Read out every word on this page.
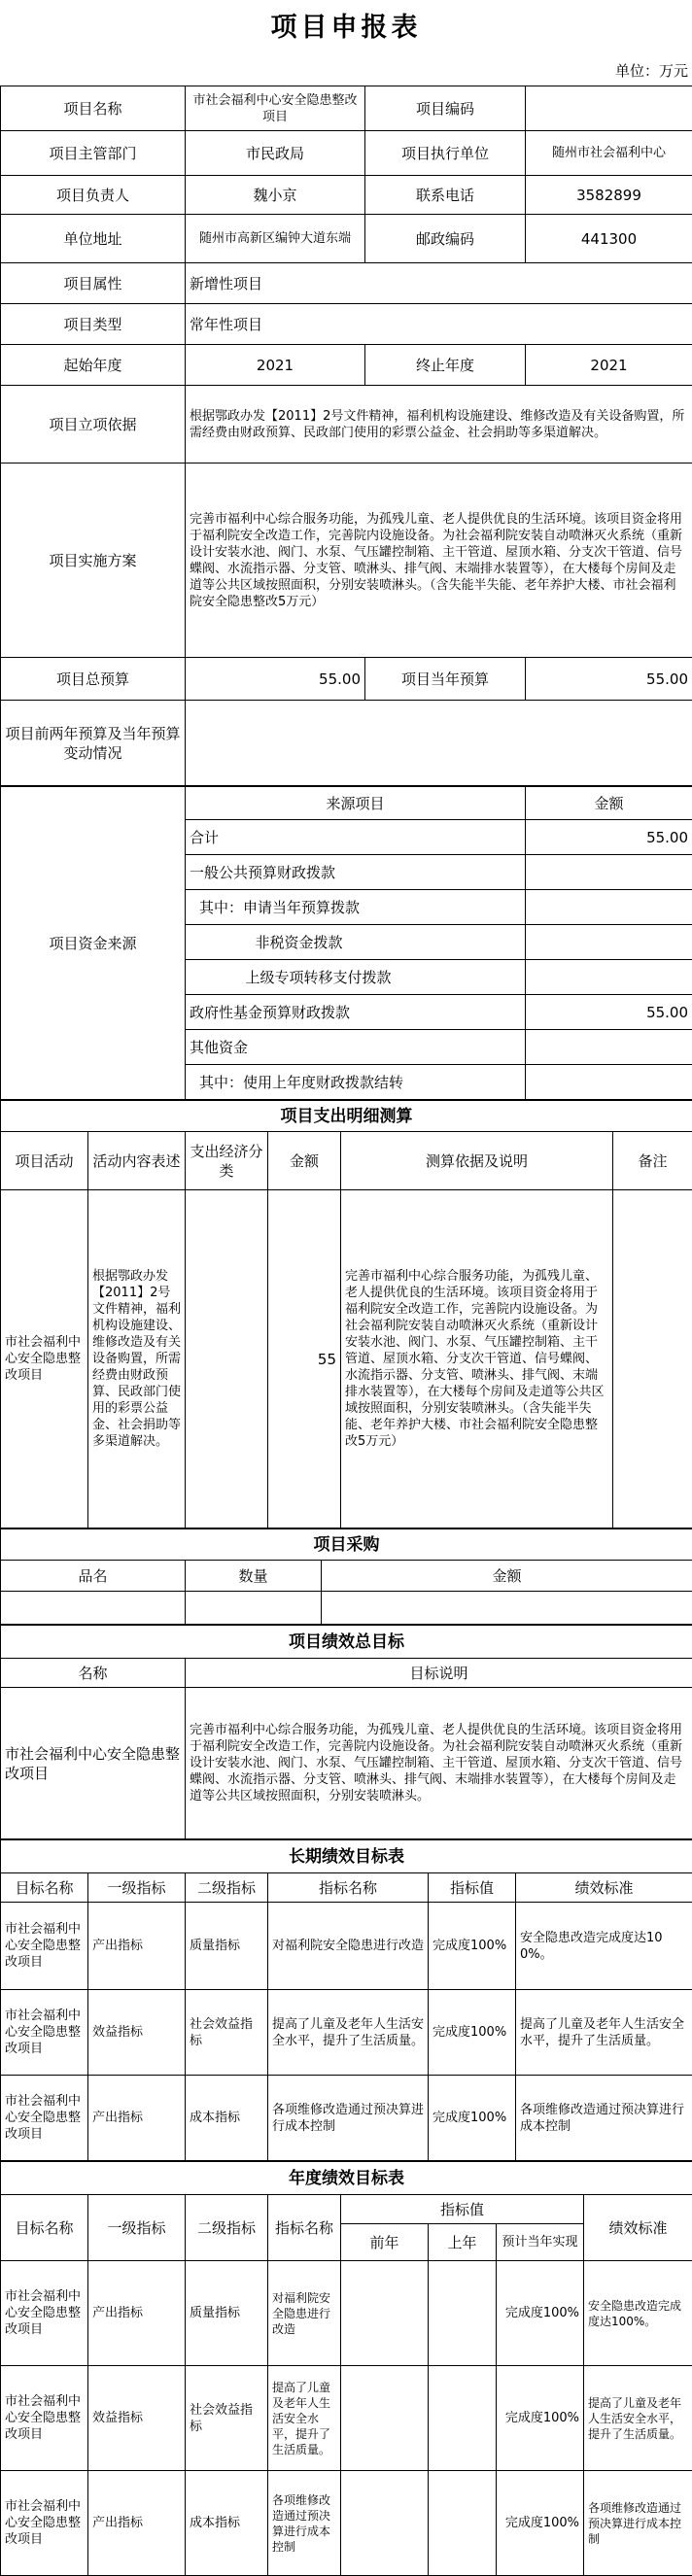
项目申报表
单位：万元
项目名称	市社会福利中心安全隐患整改项目	项目编码	
项目主管部门	市民政局	项目执行单位	随州市社会福利中心
项目负责人	魏小京	联系电话	3582899
单位地址	随州市高新区编钟大道东端	邮政编码	441300
项目属性	新增性项目		
项目类型	常年性项目		
起始年度	2021	终止年度	2021
项目立项依据	根据鄂政办发【2011】2号文件精神，福利机构设施建设、维修改造及有关设备购置，所需经费由财政预算、民政部门使用的彩票公益金、社会捐助等多渠道解决。		
项目实施方案	完善市福利中心综合服务功能，为孤残儿童、老人提供优良的生活环境。该项目资金将用于福利院安全改造工作，完善院内设施设备。为社会福利院安装自动喷淋灭火系统（重新设计安装水池、阀门、水泵、气压罐控制箱、主干管道、屋顶水箱、分支次干管道、信号蝶阀、水流指示器、分支管、喷淋头、排气阀、末端排水装置等），在大楼每个房间及走道等公共区域按照面积，分别安装喷淋头。（含失能半失能、老年养护大楼、市社会福利院安全隐患整改5万元）		
项目总预算	55.00	项目当年预算	55.00
项目前两年预算及当年预算变动情况			
项目资金来源	来源项目		金额
	合计		55.00
	一般公共预算财政拨款		
	其中：申请当年预算拨款		
		非税资金拨款	
		上级专项转移支付拨款	
	政府性基金预算财政拨款		55.00
	其他资金		
	其中：使用上年度财政拨款结转		
项目支出明细测算					
项目活动	活动内容表述	支出经济分类	金额	测算依据及说明	备注
市社会福利中心安全隐患整改项目	根据鄂政办发【2011】2号文件精神，福利机构设施建设、维修改造及有关设备购置，所需经费由财政预算、民政部门使用的彩票公益金、社会捐助等多渠道解决。		55	完善市福利中心综合服务功能，为孤残儿童、老人提供优良的生活环境。该项目资金将用于福利院安全改造工作，完善院内设施设备。为社会福利院安装自动喷淋灭火系统（重新设计安装水池、阀门、水泵、气压罐控制箱、主干管道、屋顶水箱、分支次干管道、信号蝶阀、水流指示器、分支管、喷淋头、排气阀、末端排水装置等），在大楼每个房间及走道等公共区域按照面积，分别安装喷淋头。（含失能半失能、老年养护大楼、市社会福利院安全隐患整改5万元）	
项目采购		
品名	数量	金额

项目绩效总目标	
名称	目标说明
市社会福利中心安全隐患整改项目	完善市福利中心综合服务功能，为孤残儿童、老人提供优良的生活环境。该项目资金将用于福利院安全改造工作，完善院内设施设备。为社会福利院安装自动喷淋灭火系统（重新设计安装水池、阀门、水泵、气压罐控制箱、主干管道、屋顶水箱、分支次干管道、信号蝶阀、水流指示器、分支管、喷淋头、排气阀、末端排水装置等），在大楼每个房间及走道等公共区域按照面积，分别安装喷淋头。
长期绩效目标表					
目标名称	一级指标	二级指标	指标名称	指标值	绩效标准
市社会福利中心安全隐患整改项目	产出指标	质量指标	对福利院安全隐患进行改造	完成度100%	安全隐患改造完成度达100%。
市社会福利中心安全隐患整改项目	效益指标	社会效益指标	提高了儿童及老年人生活安全水平，提升了生活质量。	完成度100%	提高了儿童及老年人生活安全水平，提升了生活质量。
市社会福利中心安全隐患整改项目	产出指标	成本指标	各项维修改造通过预决算进行成本控制	完成度100%	各项维修改造通过预决算进行成本控制
年度绩效目标表							
目标名称	一级指标	二级指标	指标名称	指标值			绩效标准
				前年	上年	预计当年实现	
市社会福利中心安全隐患整改项目	产出指标	质量指标	对福利院安全隐患进行改造			完成度100%	安全隐患改造完成度达100%。
市社会福利中心安全隐患整改项目	效益指标	社会效益指标	提高了儿童及老年人生活安全水平，提升了生活质量。			完成度100%	提高了儿童及老年人生活安全水平，提升了生活质量。
市社会福利中心安全隐患整改项目	产出指标	成本指标	各项维修改造通过预决算进行成本控制			完成度100%	各项维修改造通过预决算进行成本控制
